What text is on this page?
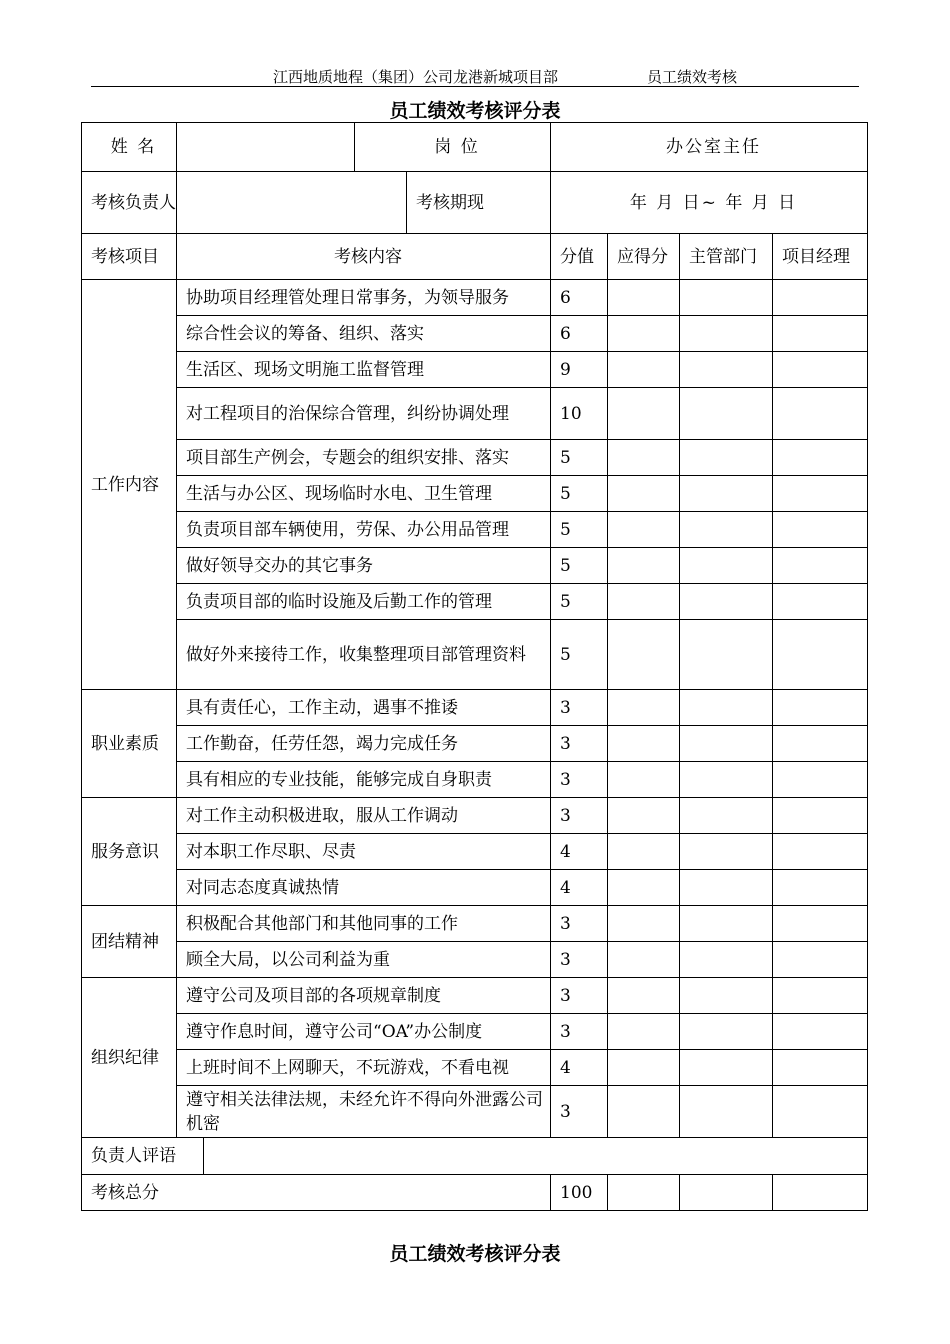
江西地质地程（集团）公司龙港新城项目部	员工绩效考核
员工绩效考核评分表
姓 名			岗 位		办公室主任			
考核负责人				考核期现	年 月 日~ 年 月 日			
考核项目	考核内容				分值	应得分	主管部门	项目经理
工作内容	协助项目经理管处理日常事务，为领导服务				6			
	综合性会议的筹备、组织、落实				6			
	生活区、现场文明施工监督管理				9			
	对工程项目的治保综合管理，纠纷协调处理				10			
	项目部生产例会，专题会的组织安排、落实				5			
	生活与办公区、现场临时水电、卫生管理				5			
	负责项目部车辆使用，劳保、办公用品管理				5			
	做好领导交办的其它事务				5			
	负责项目部的临时设施及后勤工作的管理				5			
	做好外来接待工作，收集整理项目部管理资料				5			
职业素质	具有责任心，工作主动，遇事不推诿				3			
	工作勤奋，任劳任怨，竭力完成任务				3			
	具有相应的专业技能，能够完成自身职责				3			
服务意识	对工作主动积极进取，服从工作调动				3			
	对本职工作尽职、尽责				4			
	对同志态度真诚热情				4			
团结精神	积极配合其他部门和其他同事的工作				3			
	顾全大局，以公司利益为重				3			
组织纪律	遵守公司及项目部的各项规章制度				3			
	遵守作息时间，遵守公司“OA”办公制度				3			
	上班时间不上网聊天，不玩游戏，不看电视				4			
	遵守相关法律法规，未经允许不得向外泄露公司机密				3			
负责人评语								
考核总分					100			
员工绩效考核评分表
